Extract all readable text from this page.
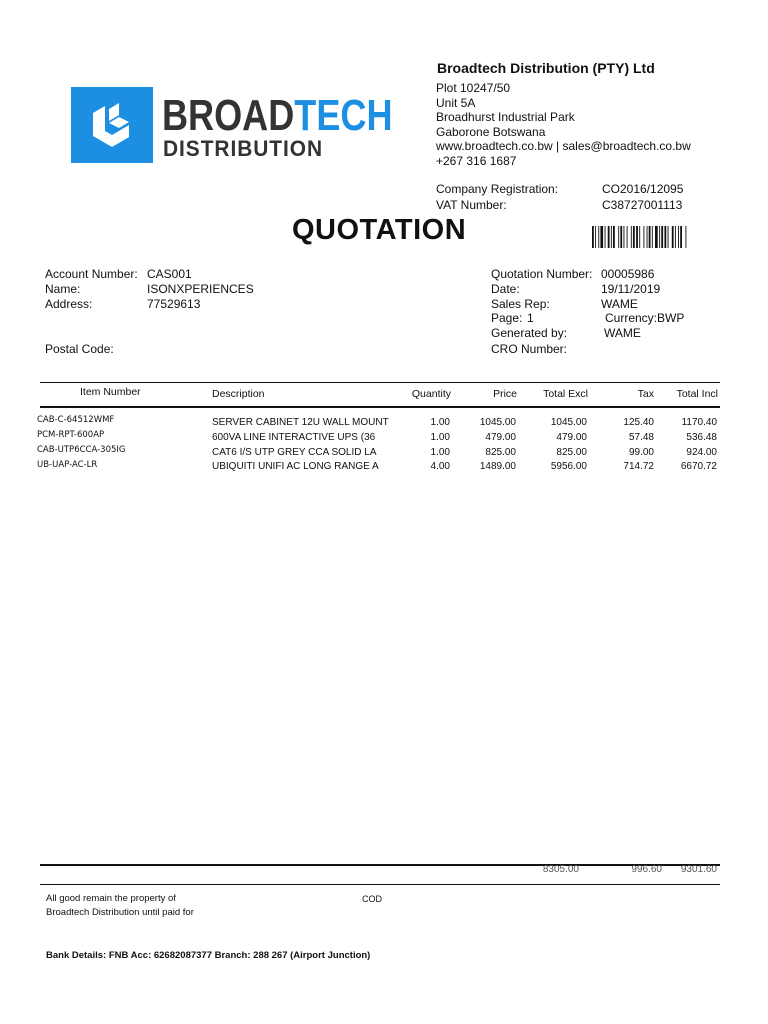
BROADTECH
DISTRIBUTION
Broadtech Distribution (PTY) Ltd
Plot 10247/50
Unit 5A
Broadhurst Industrial Park
Gaborone Botswana
www.broadtech.co.bw | sales@broadtech.co.bw
+267 316 1687
Company Registration:	CO2016/12095
VAT Number:	C38727001113
QUOTATION
Account Number: CAS001
Name:	ISONXPERIENCES
Address:	77529613
Postal Code:
Quotation Number: 00005986
Date:	19/11/2019
Sales Rep:	WAME
Page: 1	Currency:BWP
Generated by:	WAME
CRO Number:
Item Number	Description	Quantity	Price	Total Excl	Tax	Total Incl
CAB-C-64512WMF	SERVER CABINET 12U WALL MOUNT	1.00	1045.00	1045.00	125.40	1170.40
PCM-RPT-600AP	600VA LINE INTERACTIVE UPS (36	1.00	479.00	479.00	57.48	536.48
CAB-UTP6CCA-305IG	CAT6 I/S UTP GREY CCA SOLID LA	1.00	825.00	825.00	99.00	924.00
UB-UAP-AC-LR	UBIQUITI UNIFI AC LONG RANGE A	4.00	1489.00	5956.00	714.72	6670.72
8305.00	996.60	9301.60
All good remain the property of
Broadtech Distribution until paid for
COD
Bank Details: FNB Acc: 62682087377 Branch: 288 267 (Airport Junction)
